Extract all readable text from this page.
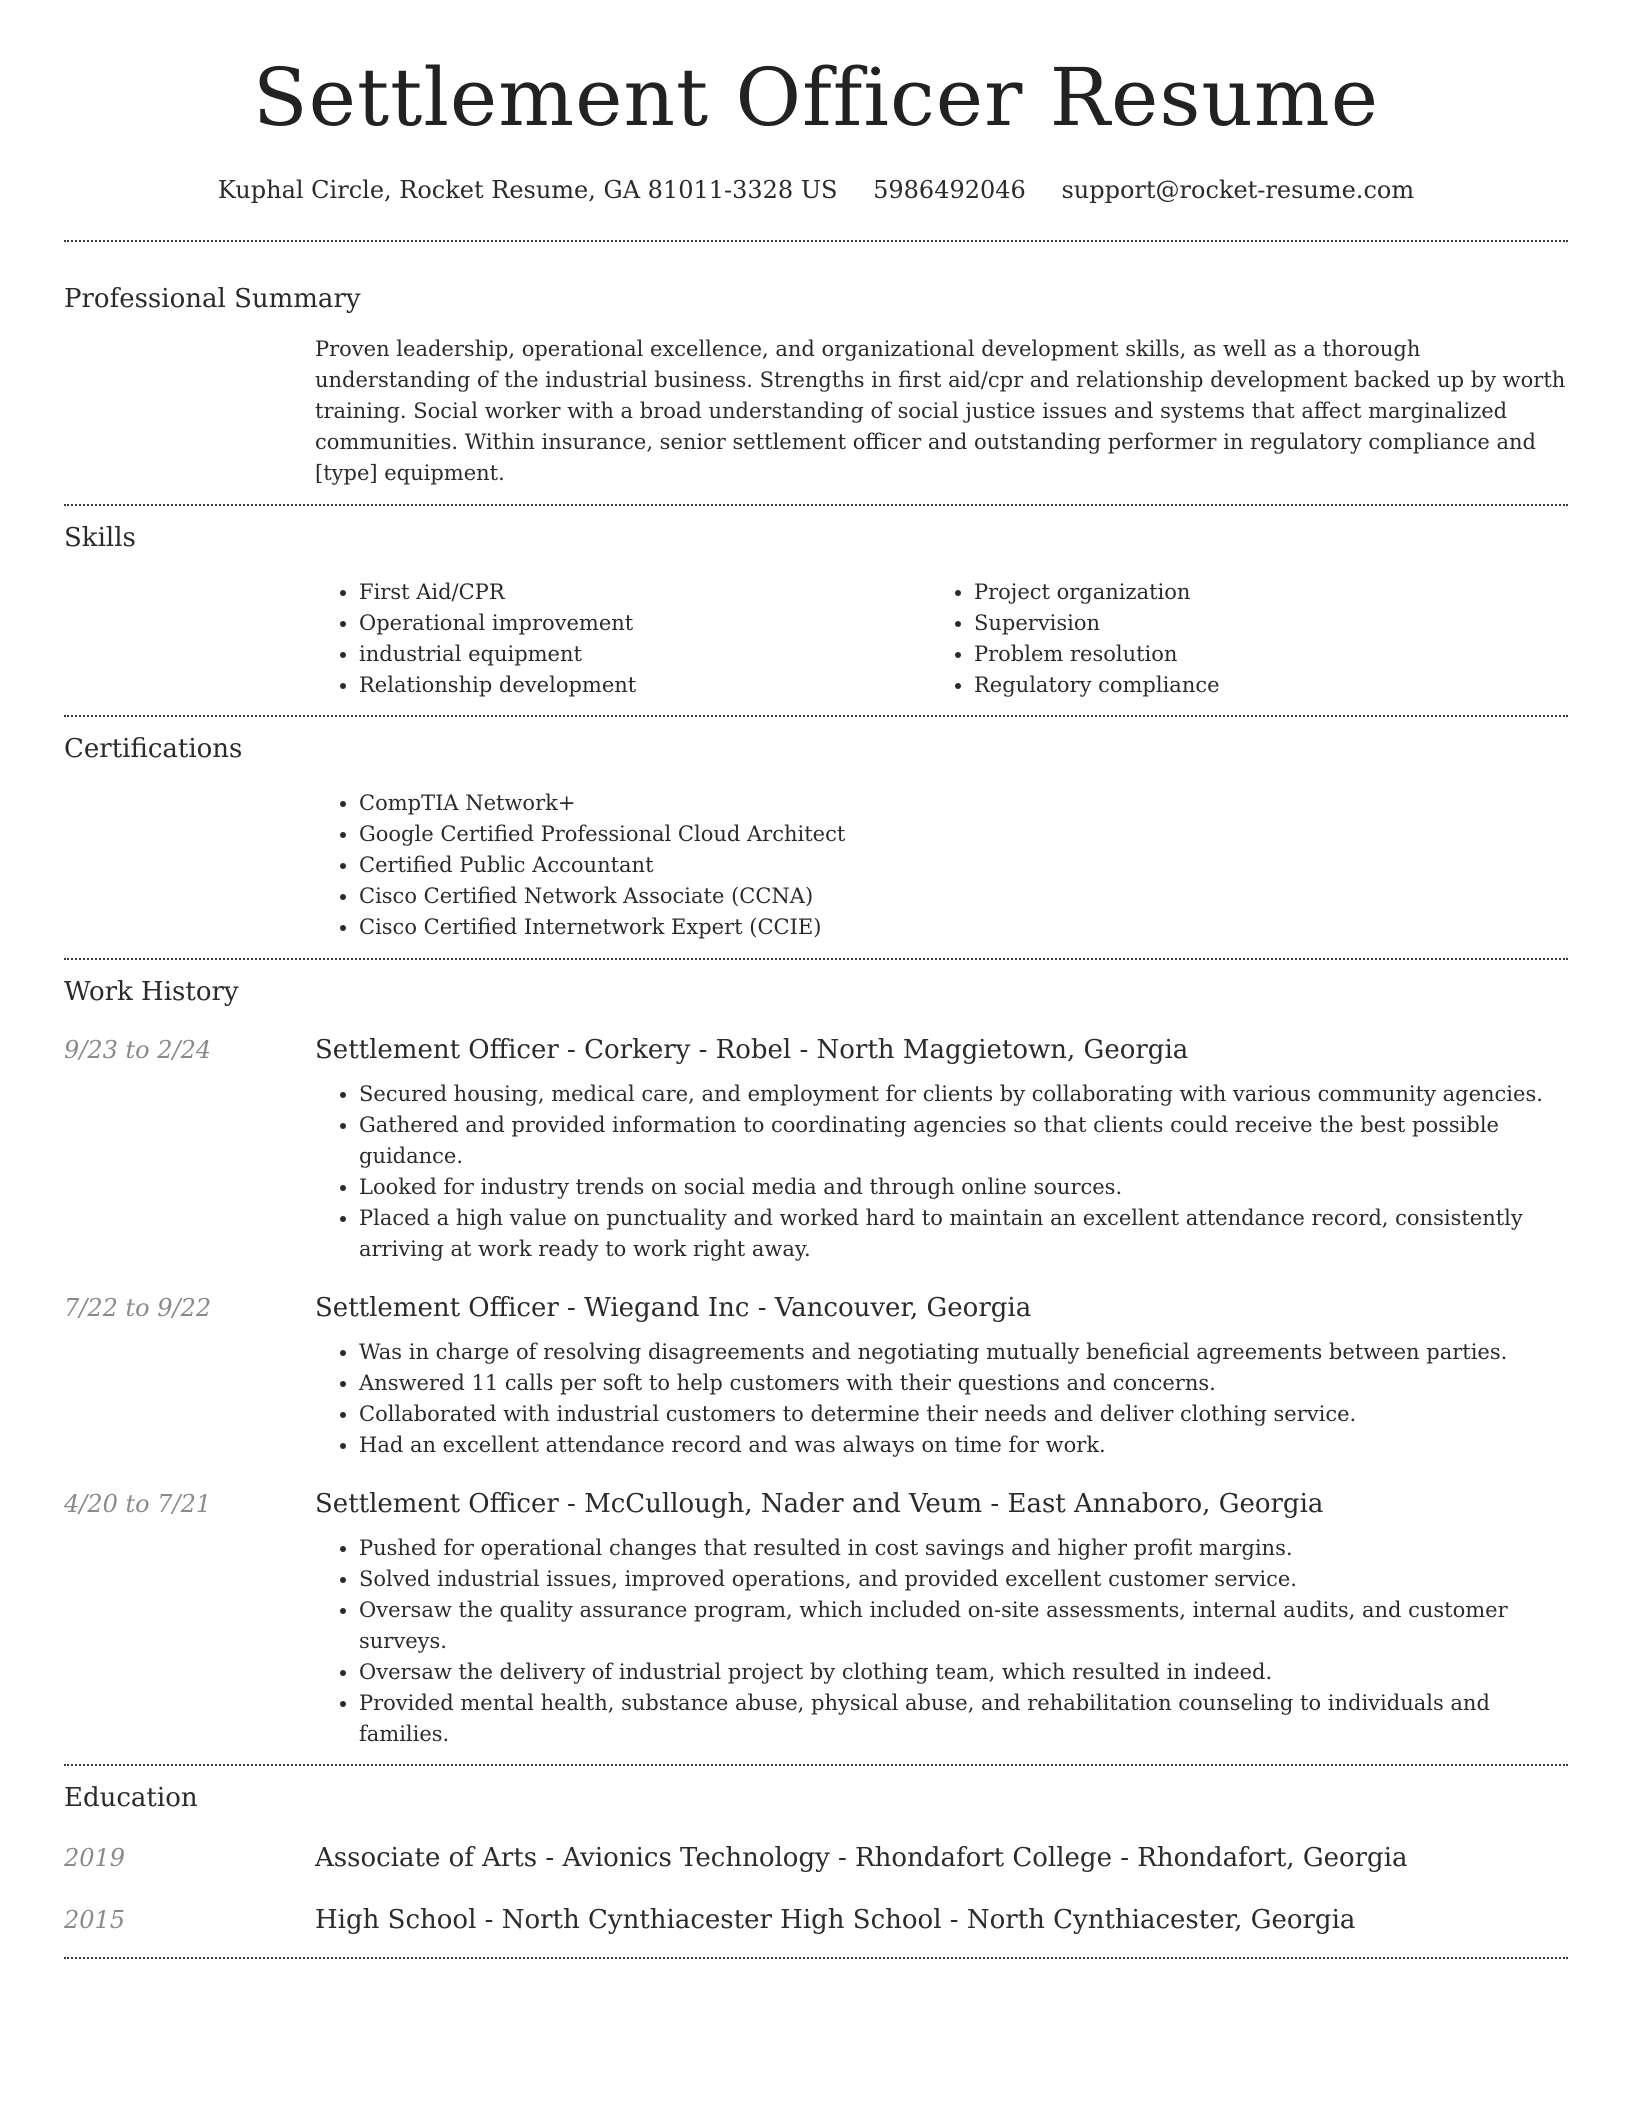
Settlement Officer Resume
Kuphal Circle, Rocket Resume, GA 81011-3328 US 5986492046 support@rocket-resume.com
Professional Summary
Proven leadership, operational excellence, and organizational development skills, as well as a thorough understanding of the industrial business. Strengths in first aid/cpr and relationship development backed up by worth training. Social worker with a broad understanding of social justice issues and systems that affect marginalized communities. Within insurance, senior settlement officer and outstanding performer in regulatory compliance and [type] equipment.
Skills
• First Aid/CPR
• Operational improvement
• industrial equipment
• Relationship development
• Project organization
• Supervision
• Problem resolution
• Regulatory compliance
Certifications
• CompTIA Network+
• Google Certified Professional Cloud Architect
• Certified Public Accountant
• Cisco Certified Network Associate (CCNA)
• Cisco Certified Internetwork Expert (CCIE)
Work History
9/23 to 2/24	Settlement Officer - Corkery - Robel - North Maggietown, Georgia
• Secured housing, medical care, and employment for clients by collaborating with various community agencies.
• Gathered and provided information to coordinating agencies so that clients could receive the best possible guidance.
• Looked for industry trends on social media and through online sources.
• Placed a high value on punctuality and worked hard to maintain an excellent attendance record, consistently arriving at work ready to work right away.
7/22 to 9/22	Settlement Officer - Wiegand Inc - Vancouver, Georgia
• Was in charge of resolving disagreements and negotiating mutually beneficial agreements between parties.
• Answered 11 calls per soft to help customers with their questions and concerns.
• Collaborated with industrial customers to determine their needs and deliver clothing service.
• Had an excellent attendance record and was always on time for work.
4/20 to 7/21	Settlement Officer - McCullough, Nader and Veum - East Annaboro, Georgia
• Pushed for operational changes that resulted in cost savings and higher profit margins.
• Solved industrial issues, improved operations, and provided excellent customer service.
• Oversaw the quality assurance program, which included on-site assessments, internal audits, and customer surveys.
• Oversaw the delivery of industrial project by clothing team, which resulted in indeed.
• Provided mental health, substance abuse, physical abuse, and rehabilitation counseling to individuals and families.
Education
2019	Associate of Arts - Avionics Technology - Rhondafort College - Rhondafort, Georgia
2015	High School - North Cynthiacester High School - North Cynthiacester, Georgia
